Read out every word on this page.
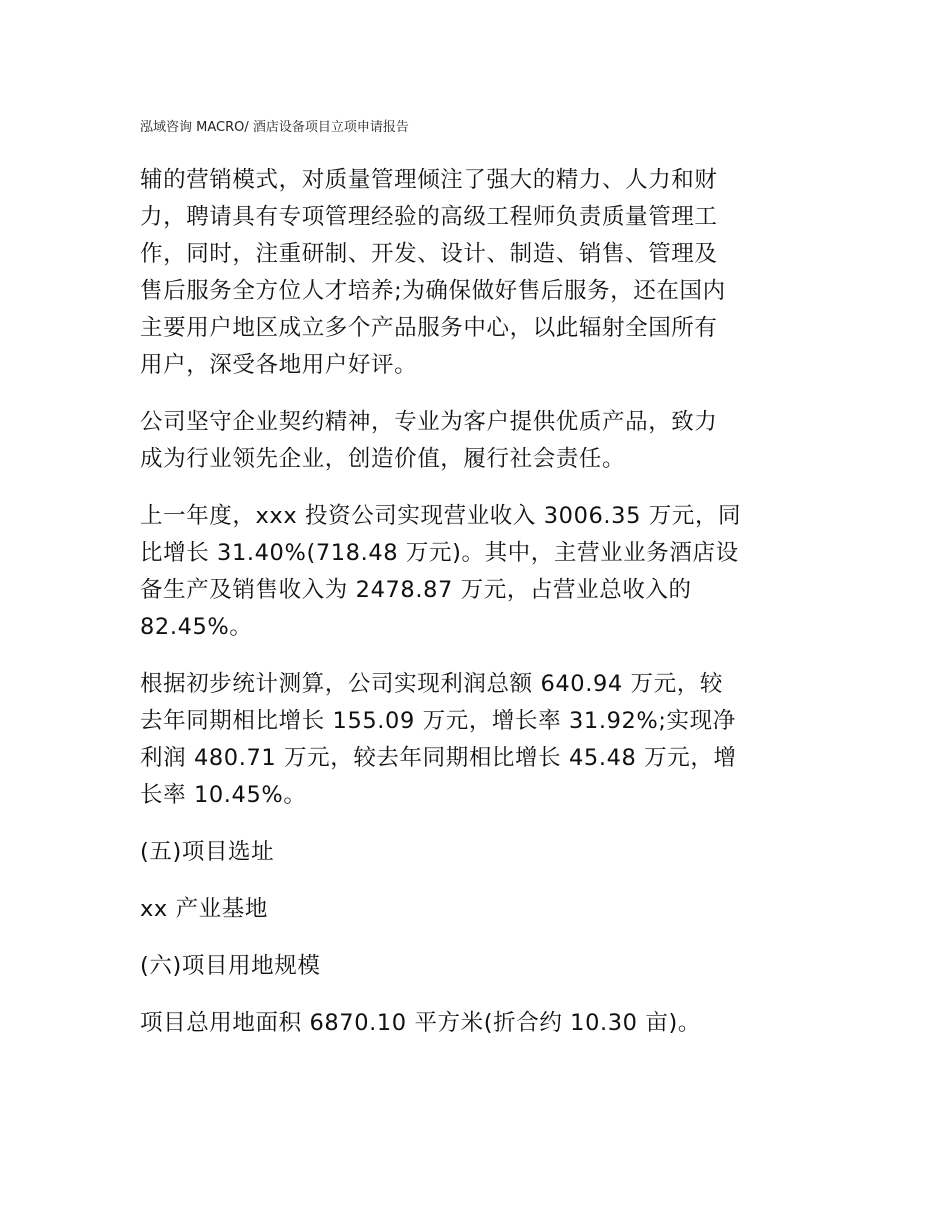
泓域咨询 MACRO/ 酒店设备项目立项申请报告

辅的营销模式，对质量管理倾注了强大的精力、人力和财
力，聘请具有专项管理经验的高级工程师负责质量管理工
作，同时，注重研制、开发、设计、制造、销售、管理及
售后服务全方位人才培养;为确保做好售后服务，还在国内
主要用户地区成立多个产品服务中心，以此辐射全国所有
用户，深受各地用户好评。

公司坚守企业契约精神，专业为客户提供优质产品，致力
成为行业领先企业，创造价值，履行社会责任。

上一年度，xxx 投资公司实现营业收入 3006.35 万元，同
比增长 31.40%(718.48 万元)。其中，主营业业务酒店设
备生产及销售收入为 2478.87 万元，占营业总收入的
82.45%。

根据初步统计测算，公司实现利润总额 640.94 万元，较
去年同期相比增长 155.09 万元，增长率 31.92%;实现净
利润 480.71 万元，较去年同期相比增长 45.48 万元，增
长率 10.45%。

(五)项目选址

xx 产业基地

(六)项目用地规模

项目总用地面积 6870.10 平方米(折合约 10.30 亩)。
